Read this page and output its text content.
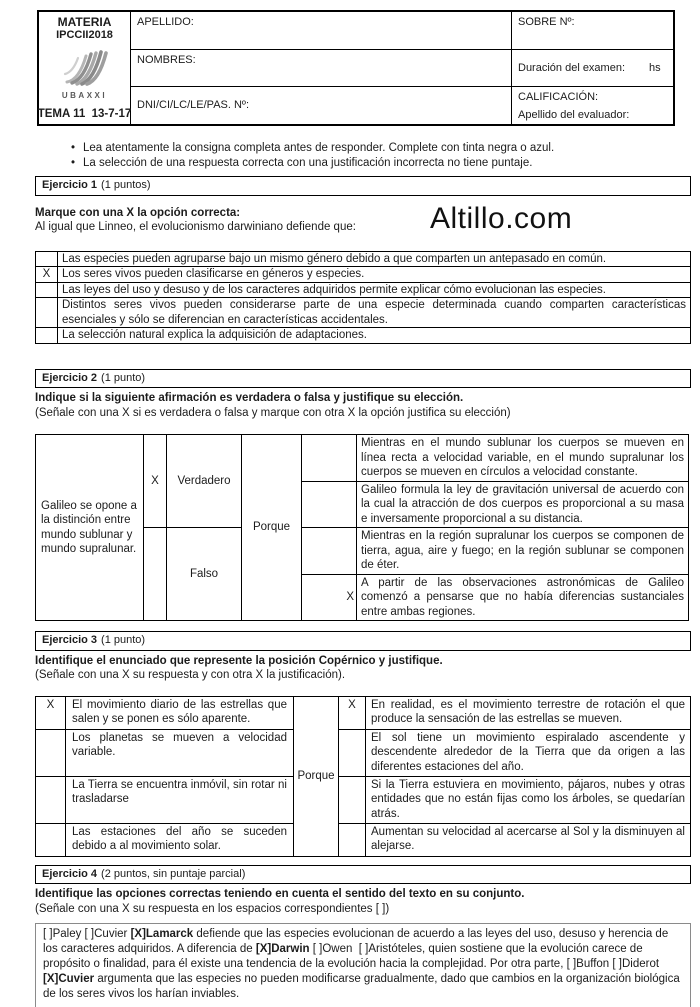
MATERIA
IPCCII2018
UBAXXI
TEMA 11  13-7-17
APELLIDO:	SOBRE Nº:
NOMBRES:
Duración del examen: hs
DNI/CI/LC/LE/PAS. Nº:
CALIFICACIÓN:
Apellido del evaluador:
• Lea atentamente la consigna completa antes de responder. Complete con tinta negra o azul.
• La selección de una respuesta correcta con una justificación incorrecta no tiene puntaje.
Ejercicio 1 (1 puntos)
Marque con una X la opción correcta:
Al igual que Linneo, el evolucionismo darwiniano defiende que:	Altillo.com
	Las especies pueden agruparse bajo un mismo género debido a que comparten un antepasado en común.
X	Los seres vivos pueden clasificarse en géneros y especies.
	Las leyes del uso y desuso y de los caracteres adquiridos permite explicar cómo evolucionan las especies.
	Distintos seres vivos pueden considerarse parte de una especie determinada cuando comparten características esenciales y sólo se diferencian en características accidentales.
	La selección natural explica la adquisición de adaptaciones.
Ejercicio 2 (1 punto)
Indique si la siguiente afirmación es verdadera o falsa y justifique su elección.
(Señale con una X si es verdadera o falsa y marque con otra X la opción justifica su elección)
Galileo se opone a la distinción entre mundo sublunar y mundo supralunar.	X	Verdadero	Porque		Mientras en el mundo sublunar los cuerpos se mueven en línea recta a velocidad variable, en el mundo supralunar los cuerpos se mueven en círculos a velocidad constante.
					Galileo formula la ley de gravitación universal de acuerdo con la cual la atracción de dos cuerpos es proporcional a su masa e inversamente proporcional a su distancia.
		Falso			Mientras en la región supralunar los cuerpos se componen de tierra, agua, aire y fuego; en la región sublunar se componen de éter.
				X	A partir de las observaciones astronómicas de Galileo comenzó a pensarse que no había diferencias sustanciales entre ambas regiones.
Ejercicio 3 (1 punto)
Identifique el enunciado que represente la posición Copérnico y justifique.
(Señale con una X su respuesta y con otra X la justificación).
X	El movimiento diario de las estrellas que salen y se ponen es sólo aparente.	Porque	X	En realidad, es el movimiento terrestre de rotación el que produce la sensación de las estrellas se mueven.
	Los planetas se mueven a velocidad variable.			El sol tiene un movimiento espiralado ascendente y descendente alrededor de la Tierra que da origen a las diferentes estaciones del año.
	La Tierra se encuentra inmóvil, sin rotar ni trasladarse			Si la Tierra estuviera en movimiento, pájaros, nubes y otras entidades que no están fijas como los árboles, se quedarían atrás.
	Las estaciones del año se suceden debido a al movimiento solar.			Aumentan su velocidad al acercarse al Sol y la disminuyen al alejarse.
Ejercicio 4 (2 puntos, sin puntaje parcial)
Identifique las opciones correctas teniendo en cuenta el sentido del texto en su conjunto.
(Señale con una X su respuesta en los espacios correspondientes [ ])
[ ]Paley [ ]Cuvier [X]Lamarck defiende que las especies evolucionan de acuerdo a las leyes del uso, desuso y herencia de los caracteres adquiridos. A diferencia de [X]Darwin [ ]Owen  [ ]Aristóteles, quien sostiene que la evolución carece de propósito o finalidad, para él existe una tendencia de la evolución hacia la complejidad. Por otra parte, [ ]Buffon [ ]Diderot [X]Cuvier argumenta que las especies no pueden modificarse gradualmente, dado que cambios en la organización biológica de los seres vivos los harían inviables.
